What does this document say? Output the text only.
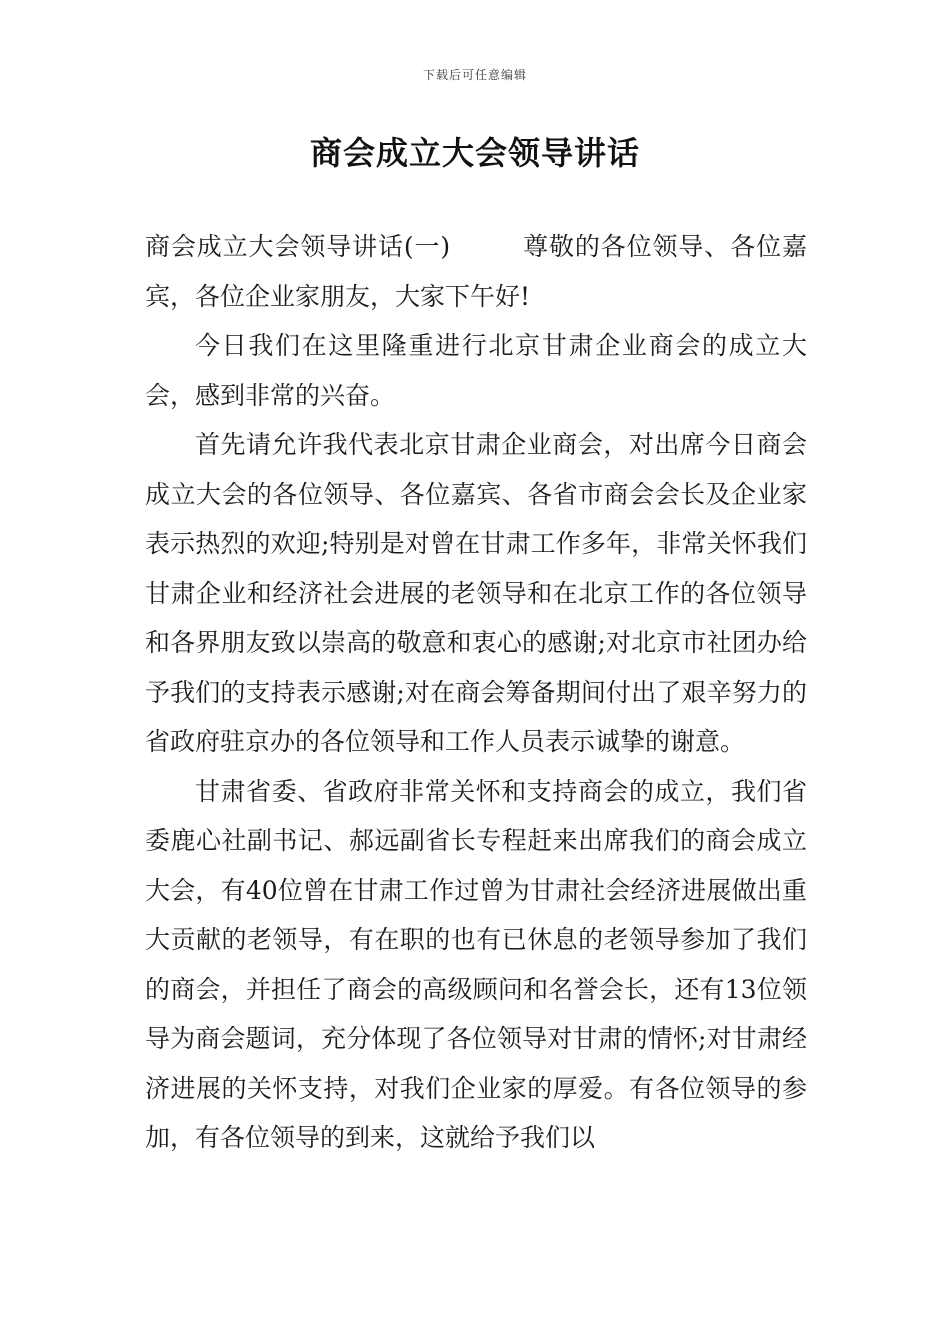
下载后可任意编辑
商会成立大会领导讲话

商会成立大会领导讲话(一)	尊敬的各位领导、各位嘉宾，各位企业家朋友，大家下午好!

今日我们在这里隆重进行北京甘肃企业商会的成立大会，感到非常的兴奋。

首先请允许我代表北京甘肃企业商会，对出席今日商会成立大会的各位领导、各位嘉宾、各省市商会会长及企业家表示热烈的欢迎;特别是对曾在甘肃工作多年，非常关怀我们甘肃企业和经济社会进展的老领导和在北京工作的各位领导和各界朋友致以崇高的敬意和衷心的感谢;对北京市社团办给予我们的支持表示感谢;对在商会筹备期间付出了艰辛努力的省政府驻京办的各位领导和工作人员表示诚挚的谢意。

甘肃省委、省政府非常关怀和支持商会的成立，我们省委鹿心社副书记、郝远副省长专程赶来出席我们的商会成立大会，有40位曾在甘肃工作过曾为甘肃社会经济进展做出重大贡献的老领导，有在职的也有已休息的老领导参加了我们的商会，并担任了商会的高级顾问和名誉会长，还有13位领导为商会题词，充分体现了各位领导对甘肃的情怀;对甘肃经济进展的关怀支持，对我们企业家的厚爱。有各位领导的参加，有各位领导的到来，这就给予我们以
